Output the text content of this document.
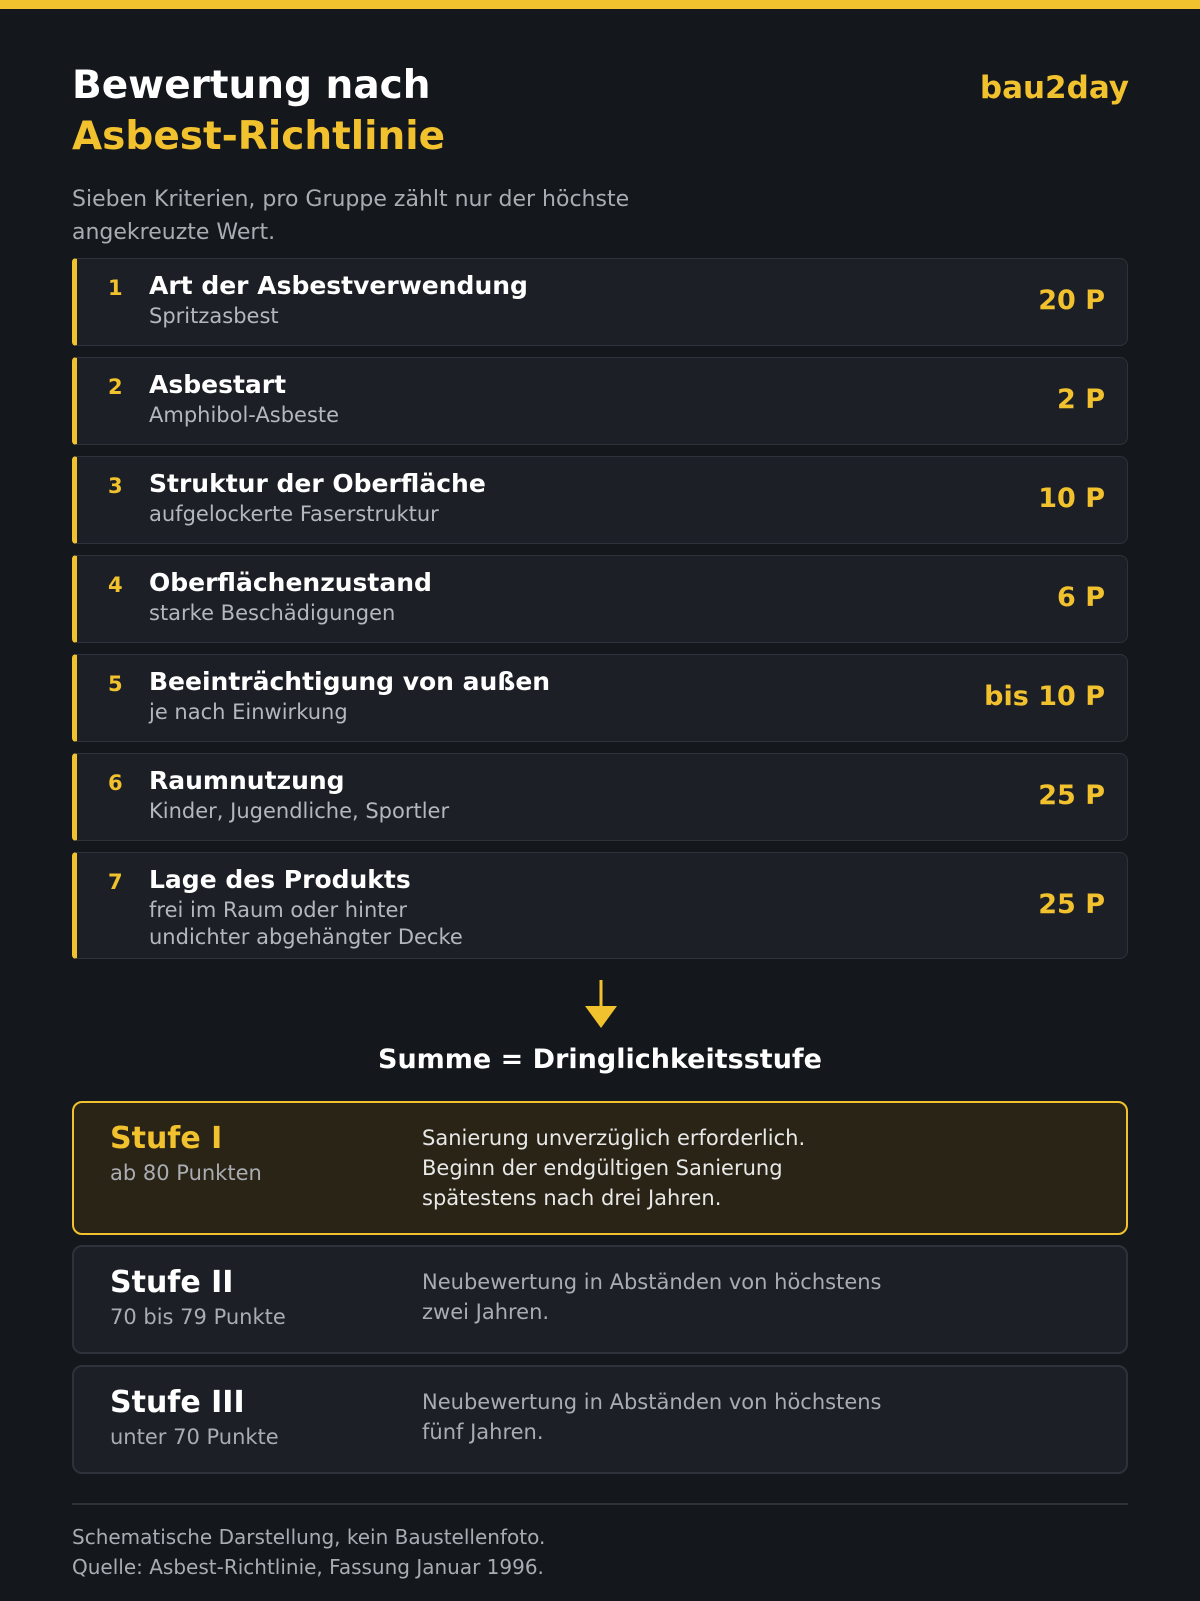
Bewertung nach
Asbest-Richtlinie
bau2day
Sieben Kriterien, pro Gruppe zählt nur der höchste angekreuzte Wert.
1 Art der Asbestverwendung
Spritzasbest	20 P
2 Asbestart
Amphibol-Asbeste	2 P
3 Struktur der Oberfläche
aufgelockerte Faserstruktur	10 P
4 Oberflächenzustand
starke Beschädigungen	6 P
5 Beeinträchtigung von außen
je nach Einwirkung	bis 10 P
6 Raumnutzung
Kinder, Jugendliche, Sportler	25 P
7 Lage des Produkts
frei im Raum oder hinter undichter abgehängter Decke
25 P
Summe = Dringlichkeitsstufe
Stufe I
ab 80 Punkten
Sanierung unverzüglich erforderlich. Beginn der endgültigen Sanierung spätestens nach drei Jahren.
Stufe II
70 bis 79 Punkte
Neubewertung in Abständen von höchstens zwei Jahren.
Stufe III
unter 70 Punkte
Neubewertung in Abständen von höchstens fünf Jahren.
Schematische Darstellung, kein Baustellenfoto.
Quelle: Asbest-Richtlinie, Fassung Januar 1996.
